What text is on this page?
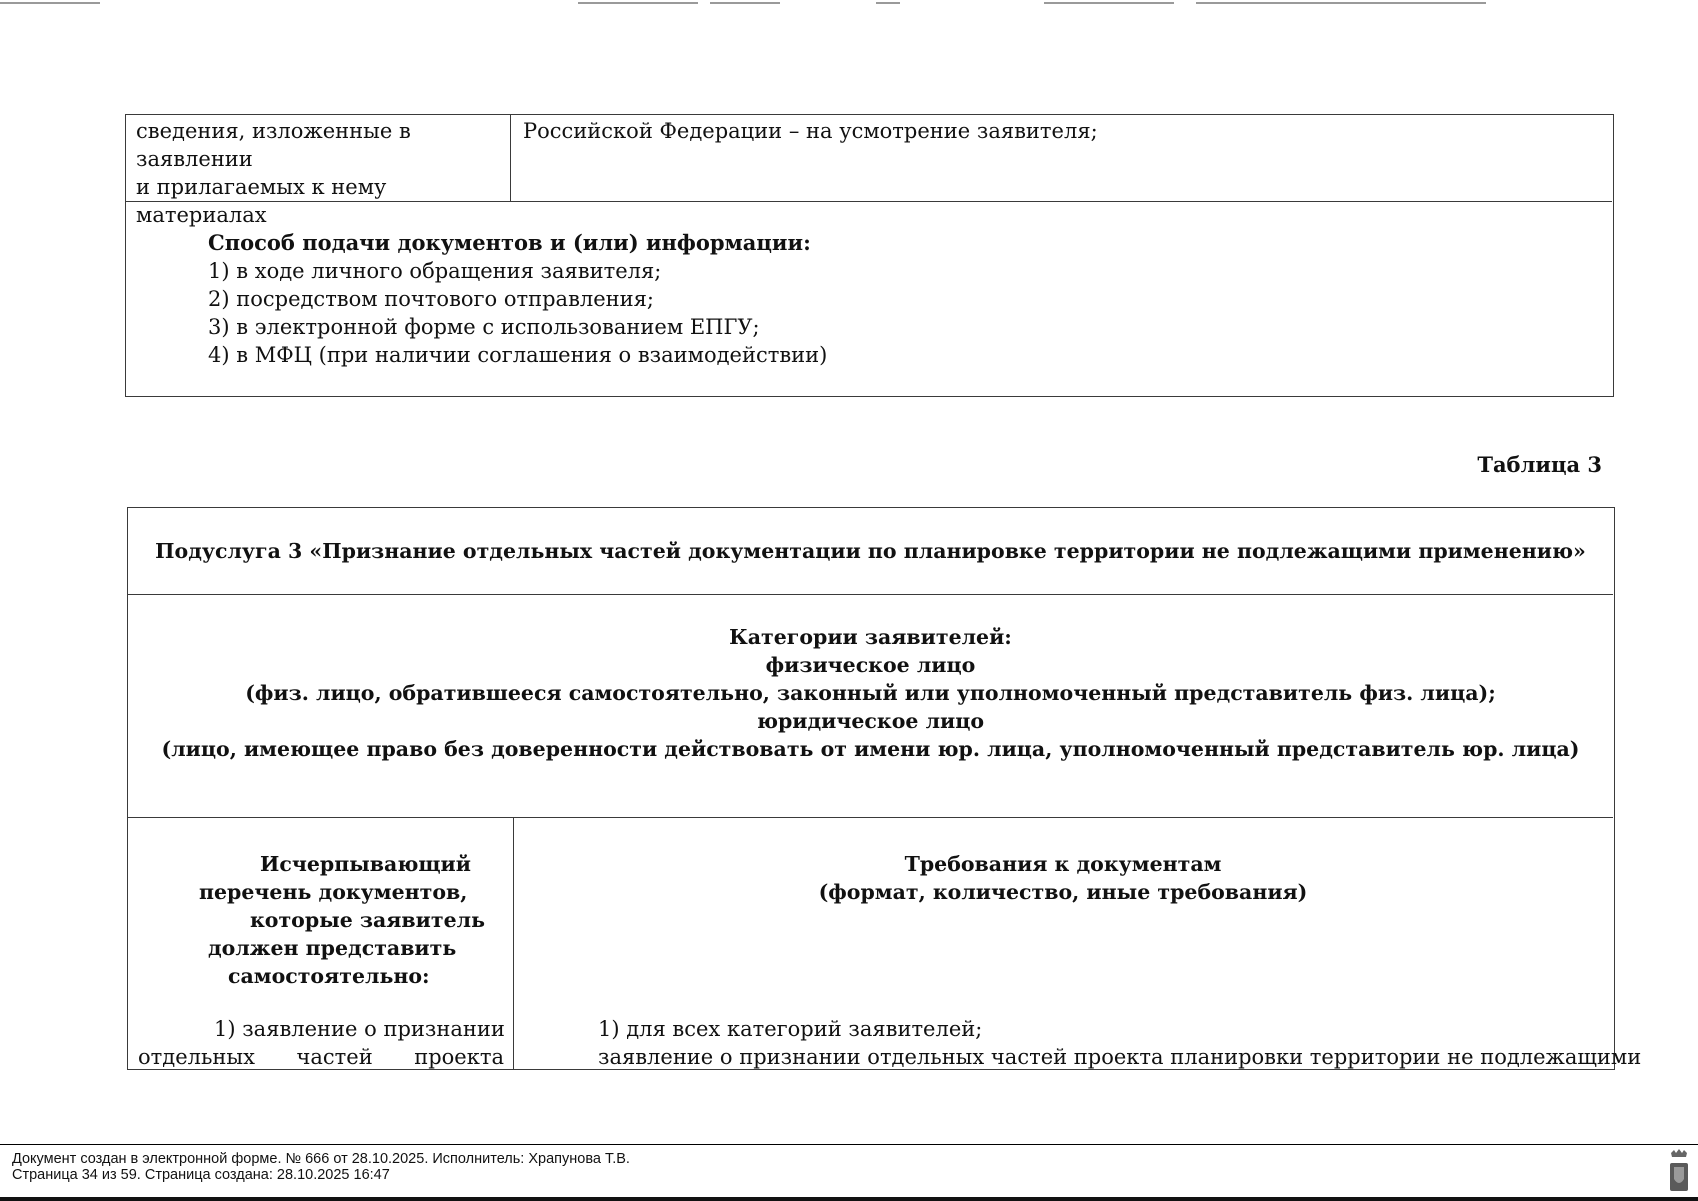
сведения, изложенные в заявлении
и прилагаемых к нему материалах
Российской Федерации – на усмотрение заявителя;
Способ подачи документов и (или) информации:
1) в ходе личного обращения заявителя;
2) посредством почтового отправления;
3) в электронной форме с использованием ЕПГУ;
4) в МФЦ (при наличии соглашения о взаимодействии)
Таблица 3
Подуслуга 3 «Признание отдельных частей документации по планировке территории не подлежащими применению»
Категории заявителей:
физическое лицо
(физ. лицо, обратившееся самостоятельно, законный или уполномоченный представитель физ. лица);
юридическое лицо
(лицо, имеющее право без доверенности действовать от имени юр. лица, уполномоченный представитель юр. лица)
Исчерпывающий
перечень документов,
которые заявитель
должен представить
самостоятельно:
Требования к документам
(формат, количество, иные требования)
1) заявление о признании
отдельных частей проекта
1) для всех категорий заявителей;
заявление о признании отдельных частей проекта планировки территории не подлежащими
Документ создан в электронной форме. № 666 от 28.10.2025. Исполнитель: Храпунова Т.В.
Страница 34 из 59. Страница создана: 28.10.2025 16:47
